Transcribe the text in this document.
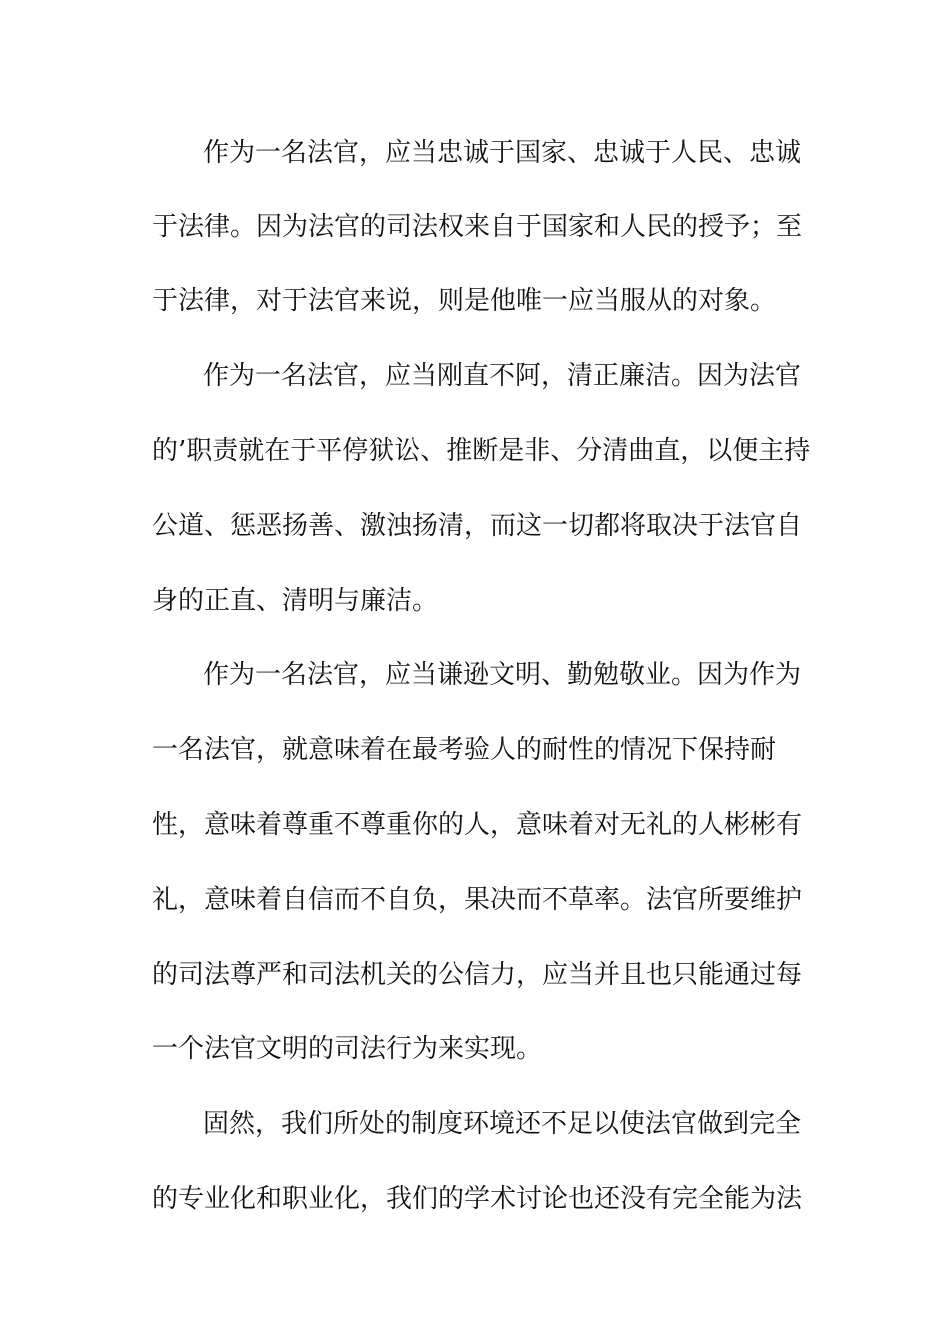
作为一名法官，应当忠诚于国家、忠诚于人民、忠诚

于法律。因为法官的司法权来自于国家和人民的授予；至

于法律，对于法官来说，则是他唯一应当服从的对象。

作为一名法官，应当刚直不阿，清正廉洁。因为法官

的’职责就在于平停狱讼、推断是非、分清曲直，以便主持

公道、惩恶扬善、激浊扬清，而这一切都将取决于法官自

身的正直、清明与廉洁。

作为一名法官，应当谦逊文明、勤勉敬业。因为作为

一名法官，就意味着在最考验人的耐性的情况下保持耐

性，意味着尊重不尊重你的人，意味着对无礼的人彬彬有

礼，意味着自信而不自负，果决而不草率。法官所要维护

的司法尊严和司法机关的公信力，应当并且也只能通过每

一个法官文明的司法行为来实现。

固然，我们所处的制度环境还不足以使法官做到完全

的专业化和职业化，我们的学术讨论也还没有完全能为法
